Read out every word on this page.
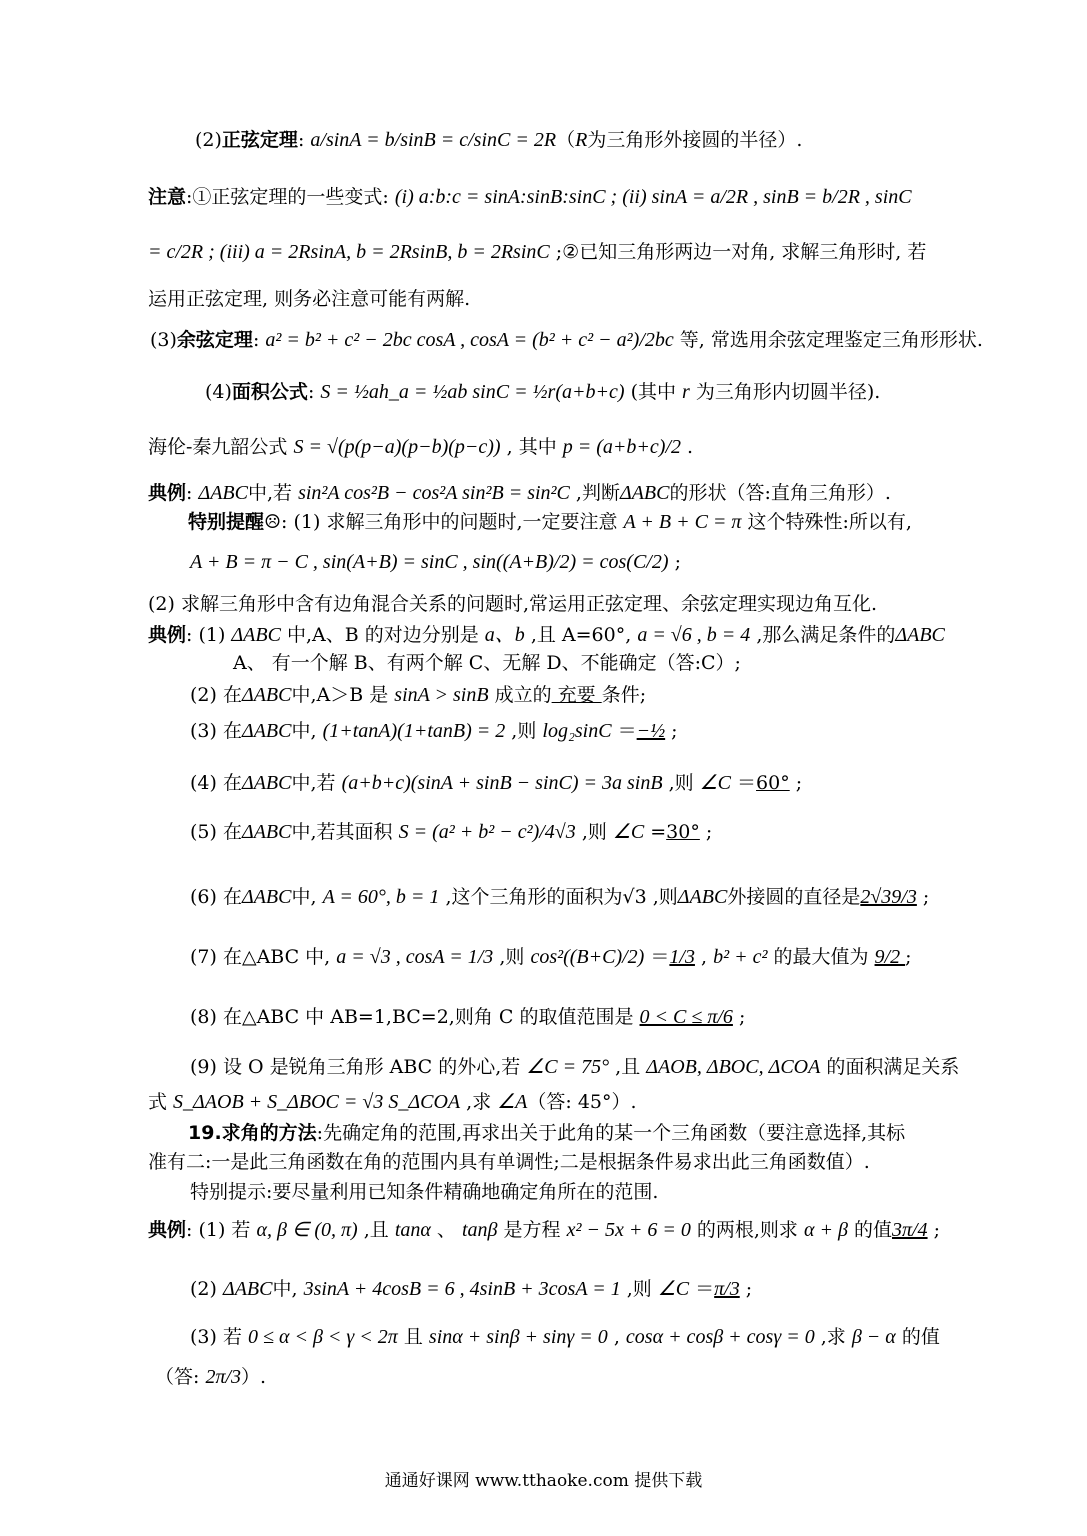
(2)正弦定理: a/sinA = b/sinB = c/sinC = 2R（R为三角形外接圆的半径）.
注意:①正弦定理的一些变式: (i) a:b:c = sinA:sinB:sinC ; (ii) sinA = a/2R , sinB = b/2R , sinC
= c/2R ; (iii) a = 2RsinA, b = 2RsinB, b = 2RsinC ;②已知三角形两边一对角, 求解三角形时, 若
运用正弦定理, 则务必注意可能有两解.
(3)余弦定理: a² = b² + c² − 2bc cosA , cosA = (b² + c² − a²)/2bc 等, 常选用余弦定理鉴定三角形形状.
(4)面积公式: S = ½ah_a = ½ab sinC = ½r(a+b+c) (其中 r 为三角形内切圆半径).
海伦-秦九韶公式 S = √(p(p−a)(p−b)(p−c)) , 其中 p = (a+b+c)/2 .
典例: ΔABC中,若 sin²A cos²B − cos²A sin²B = sin²C ,判断ΔABC的形状（答:直角三角形）.
特别提醒☹: (1) 求解三角形中的问题时,一定要注意 A + B + C = π 这个特殊性:所以有,
A + B = π − C , sin(A+B) = sinC , sin((A+B)/2) = cos(C/2) ;
(2) 求解三角形中含有边角混合关系的问题时,常运用正弦定理、余弦定理实现边角互化.
典例: (1) ΔABC 中,A、B 的对边分别是 a、b ,且 A=60°, a = √6 , b = 4 ,那么满足条件的ΔABC
A、 有一个解 B、有两个解 C、无解 D、不能确定（答:C）;
(2) 在ΔABC中,A＞B 是 sinA > sinB 成立的 充要 条件;
(3) 在ΔABC中, (1+tanA)(1+tanB) = 2 ,则 log₂sinC ＝−½ ;
(4) 在ΔABC中,若 (a+b+c)(sinA + sinB − sinC) = 3a sinB ,则 ∠C ＝60° ;
(5) 在ΔABC中,若其面积 S = (a² + b² − c²)/4√3 ,则 ∠C =30° ;
(6) 在ΔABC中, A = 60°, b = 1 ,这个三角形的面积为√3 ,则ΔABC外接圆的直径是2√39/3 ;
(7) 在△ABC 中, a = √3 , cosA = 1/3 ,则 cos²((B+C)/2) ＝1/3 , b² + c² 的最大值为 9/2 ;
(8) 在△ABC 中 AB=1,BC=2,则角 C 的取值范围是 0 < C ≤ π/6 ;
(9) 设 O 是锐角三角形 ABC 的外心,若 ∠C = 75° ,且 ΔAOB, ΔBOC, ΔCOA 的面积满足关系
式 S_ΔAOB + S_ΔBOC = √3 S_ΔCOA ,求 ∠A（答: 45°）.
19.求角的方法:先确定角的范围,再求出关于此角的某一个三角函数（要注意选择,其标
准有二:一是此三角函数在角的范围内具有单调性;二是根据条件易求出此三角函数值）.
特别提示:要尽量利用已知条件精确地确定角所在的范围.
典例: (1) 若 α, β ∈ (0, π) ,且 tanα 、 tanβ 是方程 x² − 5x + 6 = 0 的两根,则求 α + β 的值3π/4 ;
(2) ΔABC中, 3sinA + 4cosB = 6 , 4sinB + 3cosA = 1 ,则 ∠C ＝π/3 ;
(3) 若 0 ≤ α < β < γ < 2π 且 sinα + sinβ + sinγ = 0 , cosα + cosβ + cosγ = 0 ,求 β − α 的值
（答: 2π/3）.
通通好课网 www.tthaoke.com 提供下载
